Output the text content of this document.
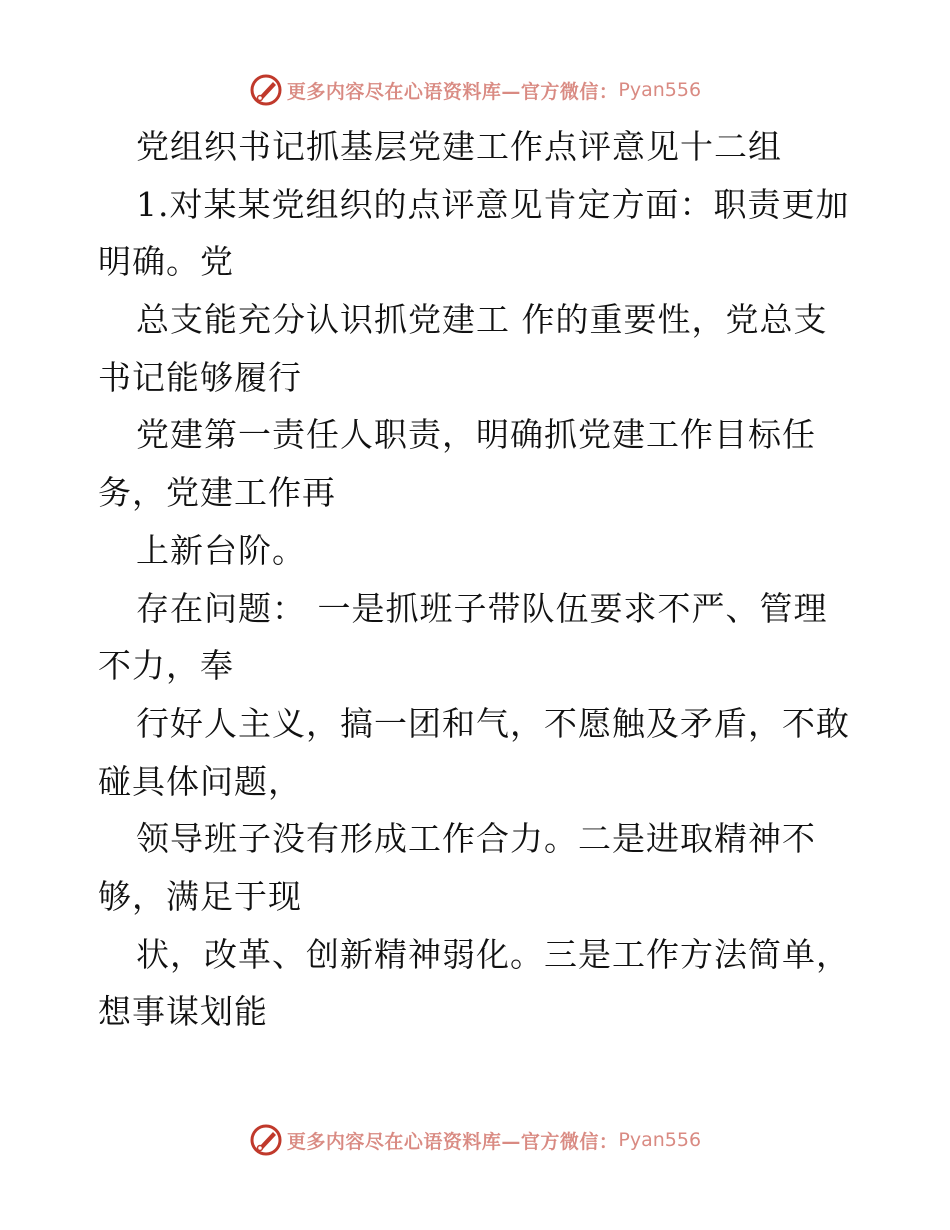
更多内容尽在心语资料库—官方微信： Pyan556
党组织书记抓基层党建工作点评意见十二组
1.对某某党组织的点评意见肯定方面：职责更加
明确。党
总支能充分认识抓党建工 作的重要性，党总支
书记能够履行
党建第一责任人职责，明确抓党建工作目标任
务，党建工作再
上新台阶。
存在问题： 一是抓班子带队伍要求不严、管理
不力，奉
行好人主义，搞一团和气，不愿触及矛盾，不敢
碰具体问题，
领导班子没有形成工作合力。二是进取精神不
够，满足于现
状，改革、创新精神弱化。三是工作方法简单，
想事谋划能
更多内容尽在心语资料库—官方微信： Pyan556
